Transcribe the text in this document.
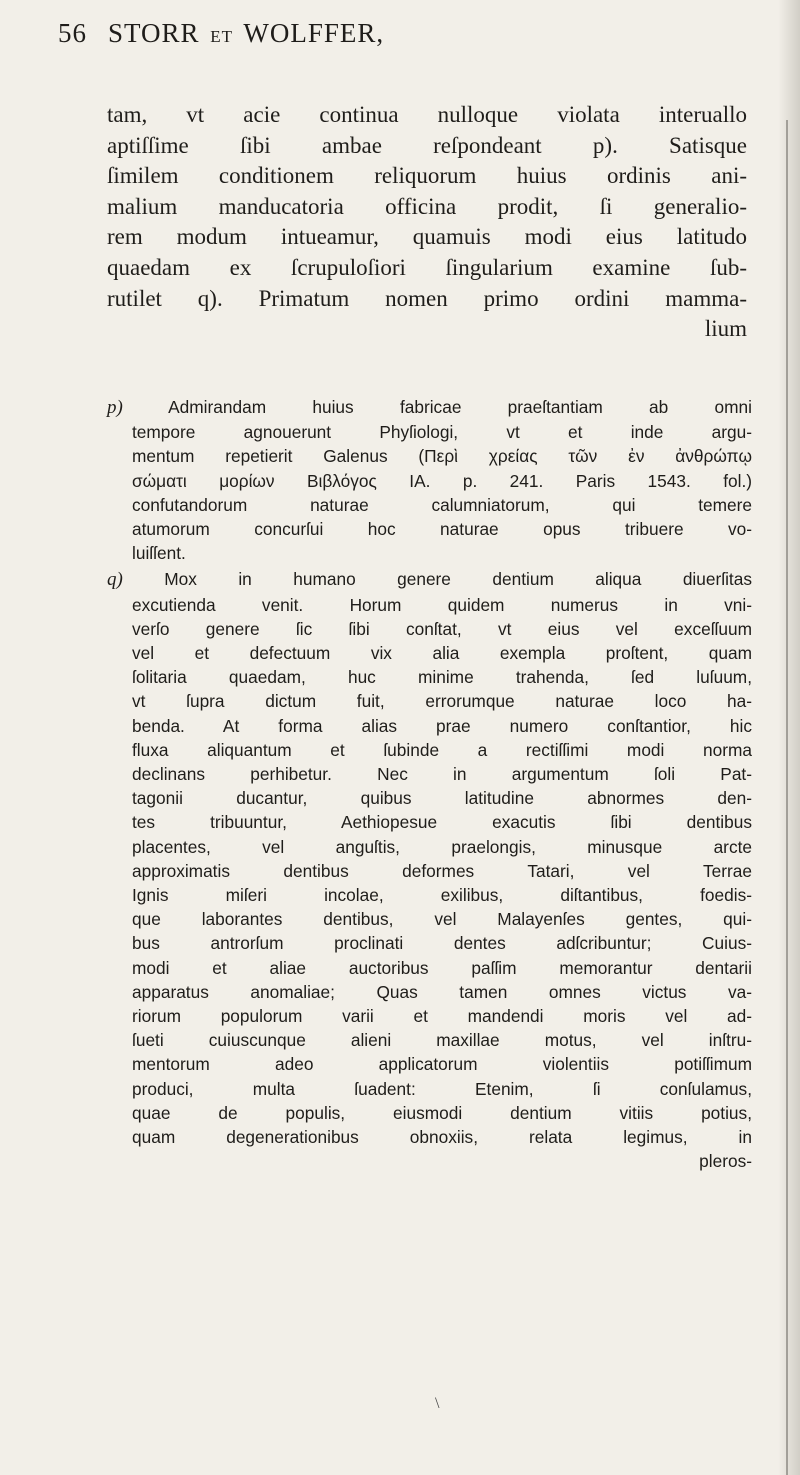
56 STORR ET WOLFFER,
tam, vt acie continua nulloque violata interuallo
aptiſſime ſibi ambae reſpondeant p). Satisque
ſimilem conditionem reliquorum huius ordinis ani-
malium manducatoria officina prodit, ſi generalio-
rem modum intueamur, quamuis modi eius latitudo
quaedam ex ſcrupuloſiori ſingularium examine ſub-
rutilet q). Primatum nomen primo ordini mamma-
lium
p)	Admirandam huius fabricae praeſtantiam ab omni
tempore agnouerunt Phyſiologi, vt et inde argu-
mentum repetierit Galenus (Περὶ χρείας τῶν ἐν ἀνθρώπῳ
σώματι μορίων Βιβλόγος ΙΑ. p. 241. Paris 1543. fol.)
confutandorum naturae calumniatorum, qui temere
atumorum concurſui hoc naturae opus tribuere vo-
luiſſent.
q) Mox in humano genere dentium aliqua diuerſitas
excutienda venit. Horum quidem numerus in vni-
verſo genere ſic ſibi conſtat, vt eius vel exceſſuum
vel et defectuum vix alia exempla proſtent, quam
ſolitaria quaedam, huc minime trahenda, ſed luſuum,
vt ſupra dictum fuit, errorumque naturae loco ha-
benda. At forma alias prae numero conſtantior, hic
fluxa aliquantum et ſubinde a rectiſſimi modi norma
declinans perhibetur. Nec in argumentum ſoli Pat-
tagonii ducantur, quibus latitudine abnormes den-
tes tribuuntur, Aethiopesue exacutis ſibi dentibus
placentes, vel anguſtis, praelongis, minusque arcte
approximatis dentibus deformes Tatari, vel Terrae
Ignis miſeri incolae, exilibus, diſtantibus, foedis-
que laborantes dentibus, vel Malayenſes gentes, qui-
bus antrorſum proclinati dentes adſcribuntur; Cuius-
modi et aliae auctoribus paſſim memorantur dentarii
apparatus anomaliae; Quas tamen omnes victus va-
riorum populorum varii et mandendi moris vel ad-
ſueti cuiuscunque alieni maxillae motus, vel inſtru-
mentorum adeo applicatorum violentiis potiſſimum
produci, multa ſuadent: Etenim, ſi conſulamus,
quae de populis, eiusmodi dentium vitiis potius,
quam degenerationibus obnoxiis, relata legimus, in
pleros-
\
